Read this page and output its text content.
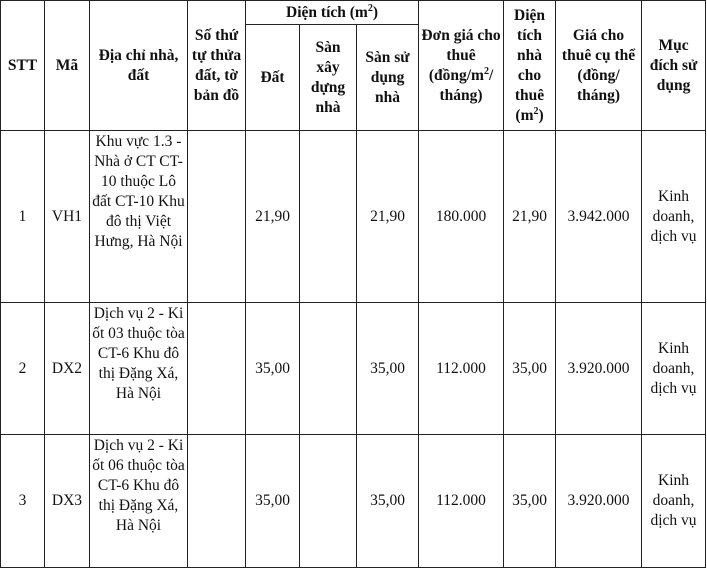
STT	Mã	Địa chỉ nhà, đất	Số thứ tự thửa đất, tờ bản đồ	Diện tích $(m^2)$			Đơn giá cho thuê ($đồng/m^2/$ tháng)	Diện tích nhà cho thuê $(m^2)$	Giá cho thuê cụ thể (đồng/ tháng)	Mục đích sử dụng
				Đất	Sàn xây dựng nhà	Sàn sử dụng nhà				
1	VH1	Khu vực 1.3 - Nhà ở CT CT-10 thuộc Lô đất CT-10 Khu đô thị Việt Hưng, Hà Nội		21,90		21,90	180.000	21,90	3.942.000	Kinh doanh, dịch vụ
2	DX2	Dịch vụ 2 - Ki ốt 03 thuộc tòa CT-6 Khu đô thị Đặng Xá, Hà Nội		35,00		35,00	112.000	35,00	3.920.000	Kinh doanh, dịch vụ
3	DX3	Dịch vụ 2 - Ki ốt 06 thuộc tòa CT-6 Khu đô thị Đặng Xá, Hà Nội		35,00		35,00	112.000	35,00	3.920.000	Kinh doanh, dịch vụ
